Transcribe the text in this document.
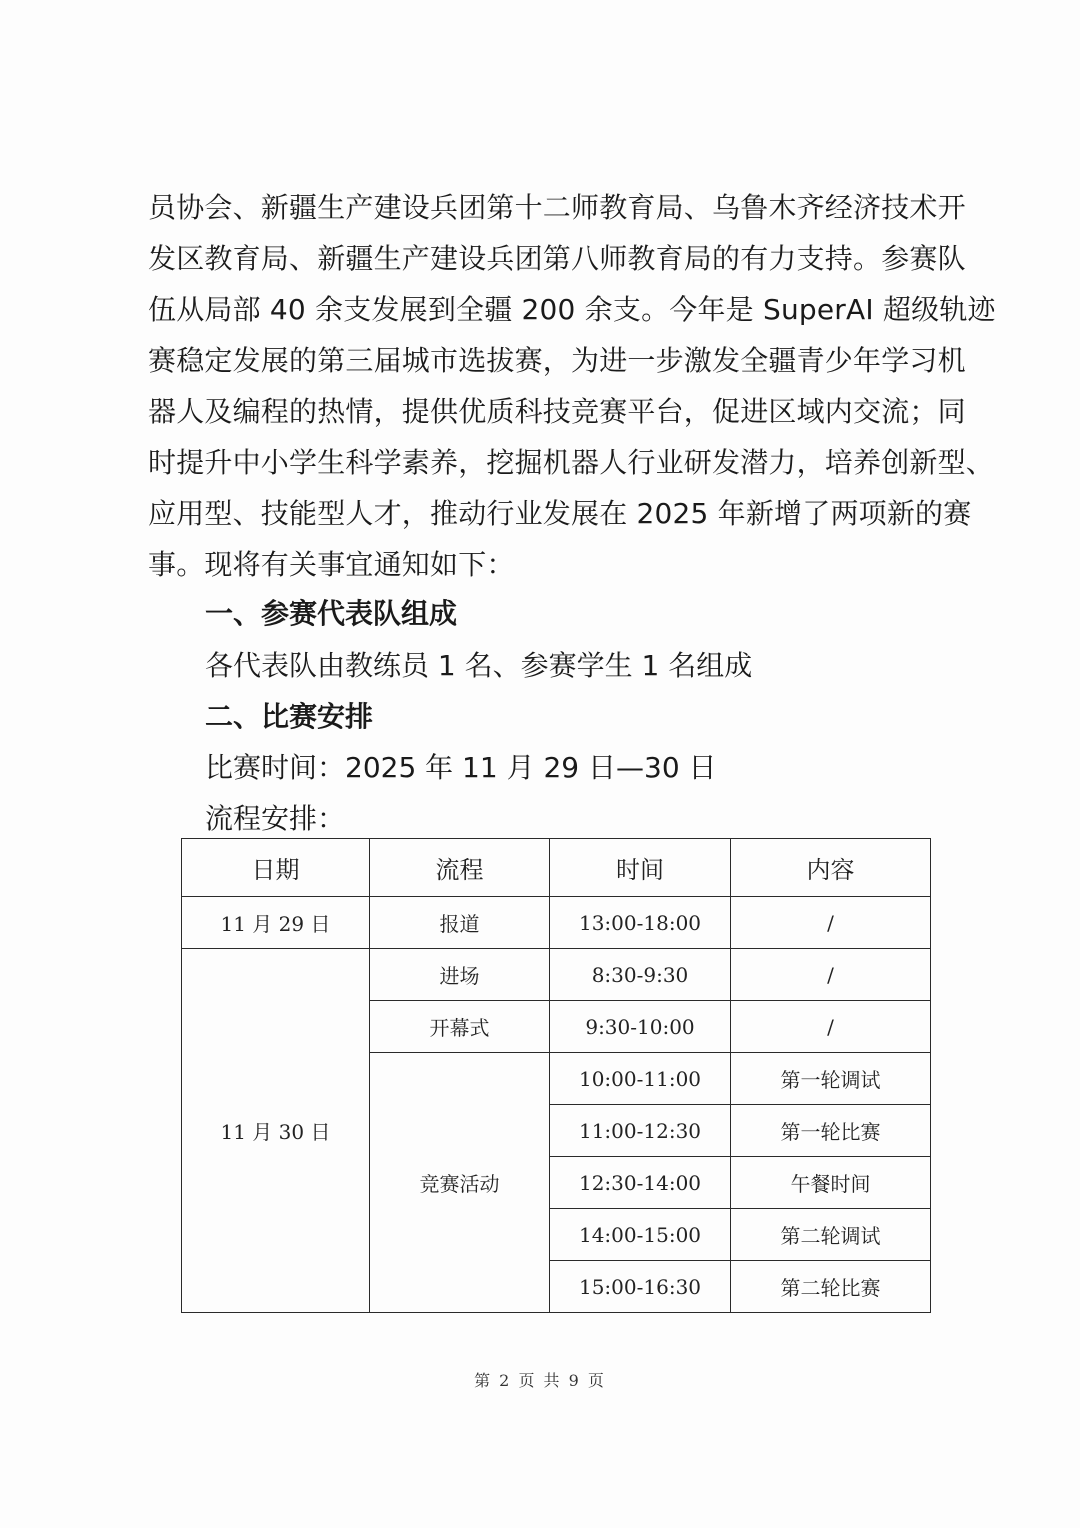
员协会、新疆生产建设兵团第十二师教育局、乌鲁木齐经济技术开
发区教育局、新疆生产建设兵团第八师教育局的有力支持。参赛队
伍从局部 40 余支发展到全疆 200 余支。今年是 SuperAI 超级轨迹
赛稳定发展的第三届城市选拔赛，为进一步激发全疆青少年学习机
器人及编程的热情，提供优质科技竞赛平台，促进区域内交流；同
时提升中小学生科学素养，挖掘机器人行业研发潜力，培养创新型、
应用型、技能型人才，推动行业发展在 2025 年新增了两项新的赛
事。现将有关事宜通知如下：
一、参赛代表队组成
各代表队由教练员 1 名、参赛学生 1 名组成
二、比赛安排
比赛时间：2025 年 11 月 29 日—30 日
流程安排：
日期	流程	时间	内容
11 月 29 日	报道	13:00-18:00	/
11 月 30 日	进场	8:30-9:30	/
	开幕式	9:30-10:00	/
	竞赛活动	10:00-11:00	第一轮调试
		11:00-12:30	第一轮比赛
		12:30-14:00	午餐时间
		14:00-15:00	第二轮调试
		15:00-16:30	第二轮比赛
第 2 页 共 9 页
